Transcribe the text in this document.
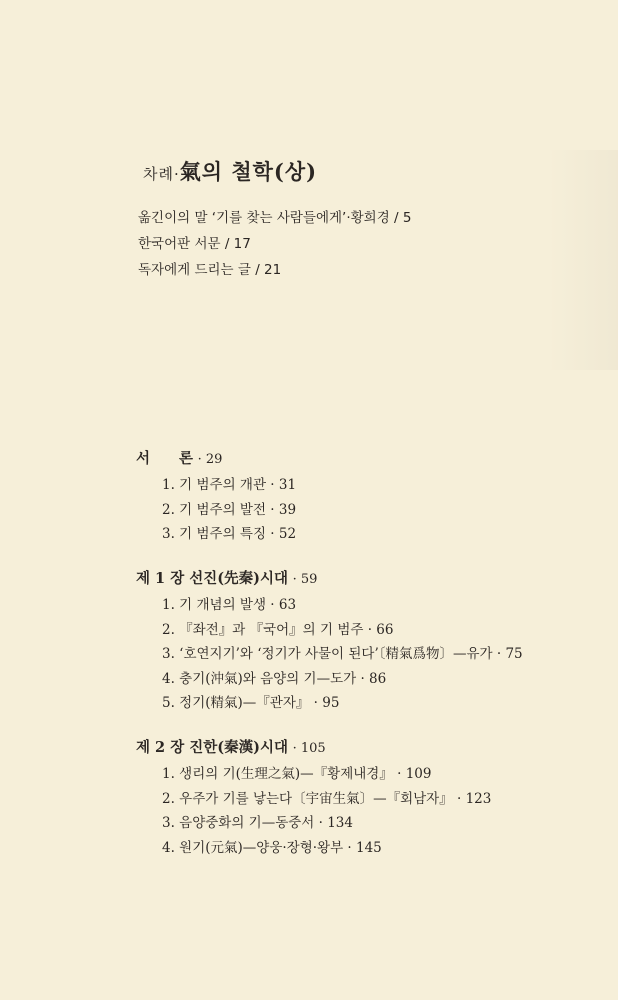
차례·氣의 철학(상)
옮긴이의 말 ‘기를 찾는 사람들에게’·황희경 / 5
한국어판 서문 / 17
독자에게 드리는 글 / 21
서　　론 · 29
1. 기 범주의 개관 · 31
2. 기 범주의 발전 · 39
3. 기 범주의 특징 · 52
제 1 장 선진(先秦)시대 · 59
1. 기 개념의 발생 · 63
2. 『좌전』과 『국어』의 기 범주 · 66
3. ‘호연지기’와 ‘정기가 사물이 된다’〔精氣爲物〕—유가 · 75
4. 충기(沖氣)와 음양의 기—도가 · 86
5. 정기(精氣)—『관자』 · 95
제 2 장 진한(秦漢)시대 · 105
1. 생리의 기(生理之氣)—『황제내경』 · 109
2. 우주가 기를 낳는다〔宇宙生氣〕—『회남자』 · 123
3. 음양중화의 기—동중서 · 134
4. 원기(元氣)—양웅·장형·왕부 · 145
